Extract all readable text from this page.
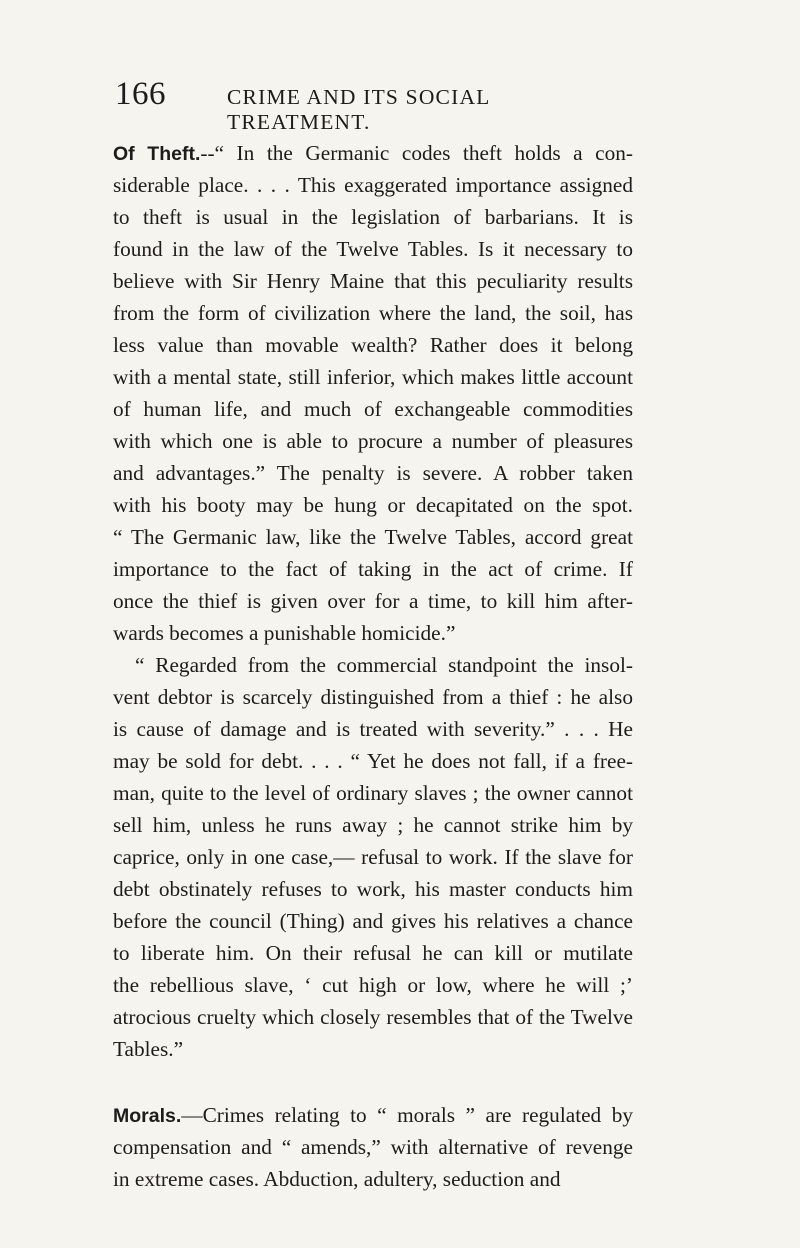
166	CRIME AND ITS SOCIAL TREATMENT.
Of Theft.--“ In the Germanic codes theft holds a con-
siderable place. . . . This exaggerated importance assigned
to theft is usual in the legislation of barbarians. It is
found in the law of the Twelve Tables. Is it necessary to
believe with Sir Henry Maine that this peculiarity results
from the form of civilization where the land, the soil, has
less value than movable wealth? Rather does it belong
with a mental state, still inferior, which makes little account
of human life, and much of exchangeable commodities
with which one is able to procure a number of pleasures
and advantages.” The penalty is severe. A robber taken
with his booty may be hung or decapitated on the spot.
“ The Germanic law, like the Twelve Tables, accord great
importance to the fact of taking in the act of crime. If
once the thief is given over for a time, to kill him after-
wards becomes a punishable homicide.”
“ Regarded from the commercial standpoint the insol-
vent debtor is scarcely distinguished from a thief : he also
is cause of damage and is treated with severity.” . . . He
may be sold for debt. . . . “ Yet he does not fall, if a free-
man, quite to the level of ordinary slaves ; the owner cannot
sell him, unless he runs away ; he cannot strike him by
caprice, only in one case,— refusal to work. If the slave for
debt obstinately refuses to work, his master conducts him
before the council (Thing) and gives his relatives a chance
to liberate him. On their refusal he can kill or mutilate
the rebellious slave, ‘ cut high or low, where he will ;’
atrocious cruelty which closely resembles that of the Twelve
Tables.”
Morals.—Crimes relating to “ morals ” are regulated by
compensation and “ amends,” with alternative of revenge
in extreme cases. Abduction, adultery, seduction and
